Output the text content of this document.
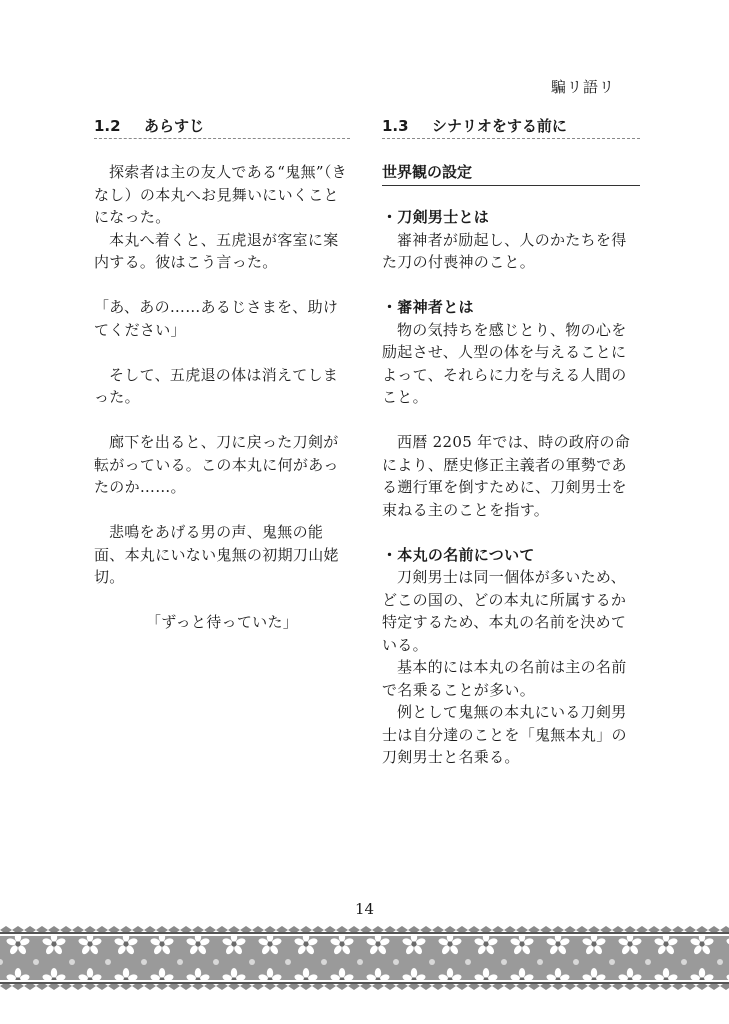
騙リ語リ
1.2 あらすじ

探索者は主の友人である“鬼無”（きなし）の本丸へお見舞いにいくことになった。

本丸へ着くと、五虎退が客室に案内する。彼はこう言った。

「あ、あの……あるじさまを、助けてください」

そして、五虎退の体は消えてしまった。

廊下を出ると、刀に戻った刀剣が転がっている。この本丸に何があったのか……。

悲鳴をあげる男の声、鬼無の能面、本丸にいない鬼無の初期刀山姥切。

「ずっと待っていた」

1.3 シナリオをする前に
世界観の設定

・刀剣男士とは

審神者が励起し、人のかたちを得た刀の付喪神のこと。

・審神者とは

物の気持ちを感じとり、物の心を励起させ、人型の体を与えることによって、それらに力を与える人間のこと。

西暦 2205 年では、時の政府の命により、歴史修正主義者の軍勢である遡行軍を倒すために、刀剣男士を束ねる主のことを指す。

・本丸の名前について

刀剣男士は同一個体が多いため、どこの国の、どの本丸に所属するか特定するため、本丸の名前を決めている。

基本的には本丸の名前は主の名前で名乗ることが多い。

例として鬼無の本丸にいる刀剣男士は自分達のことを「鬼無本丸」の刀剣男士と名乗る。

14
